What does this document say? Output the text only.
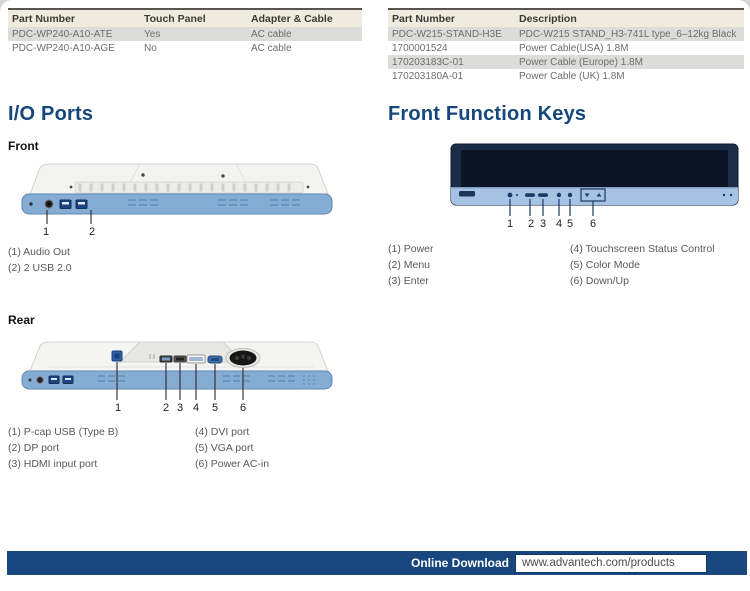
Part Number	Touch Panel	Adapter & Cable
PDC-WP240-A10-ATE	Yes	AC cable
PDC-WP240-A10-AGE	No	AC cable
Part Number	Description
PDC-W215-STAND-H3E	PDC-W215 STAND_H3-741L type_6–12kg Black
1700001524	Power Cable(USA) 1.8M
170203183C-01	Power Cable (Europe) 1.8M
170203180A-01	Power Cable (UK) 1.8M
I/O Ports	Front Function Keys
Front
1	2
(1) Audio Out
(2) 2 USB 2.0
Rear
1	2 3 4 5 6
(1) P-cap USB (Type B)
(2) DP port
(3) HDMI input port
(4) DVI port
(5) VGA port
(6) Power AC-in
1 2 3 4 5 6
(1) Power
(2) Menu
(3) Enter
(4) Touchscreen Status Control
(5) Color Mode
(6) Down/Up
Online Download	www.advantech.com/products
